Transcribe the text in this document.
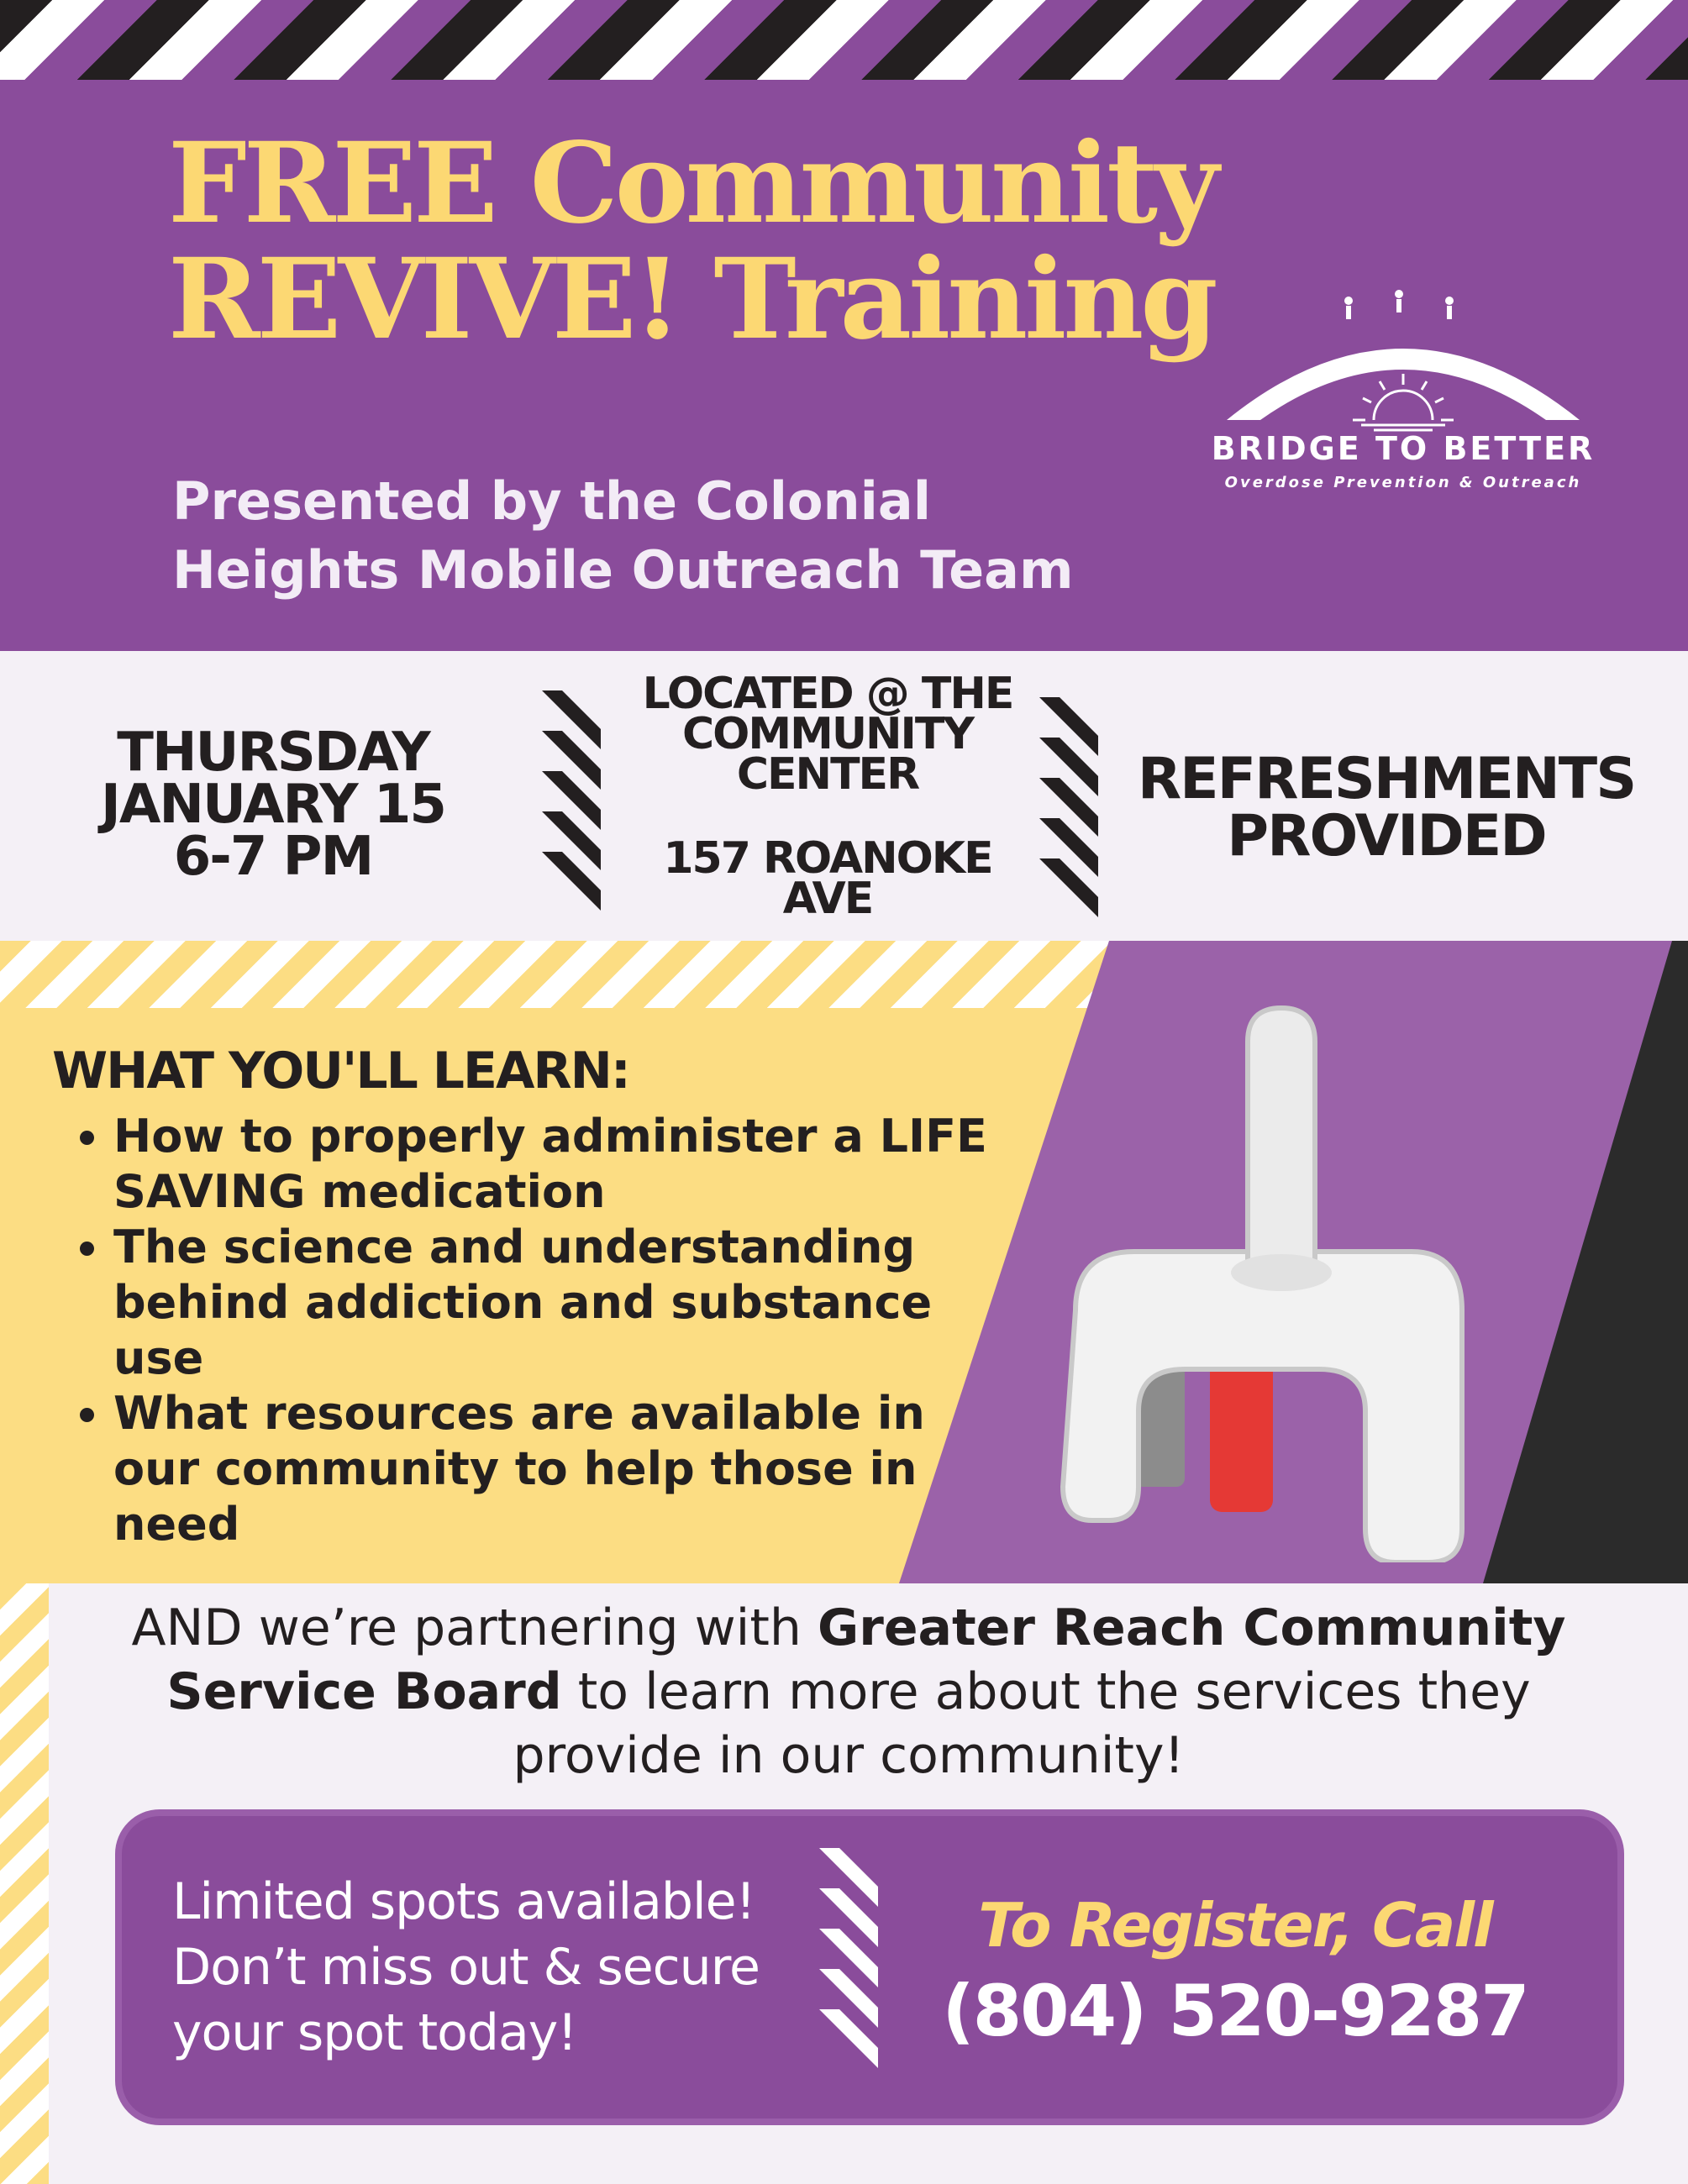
FREE Community
REVIVE! Training
Presented by the Colonial
Heights Mobile Outreach Team
BRIDGE TO BETTER
Overdose Prevention & Outreach
THURSDAY
JANUARY 15
6-7 PM
LOCATED @ THE
COMMUNITY
CENTER
157 ROANOKE
AVE
REFRESHMENTS
PROVIDED
WHAT YOU'LL LEARN:
• How to properly administer a LIFE SAVING medication
• The science and understanding behind addiction and substance use
• What resources are available in our community to help those in need
AND we’re partnering with Greater Reach Community Service Board to learn more about the services they provide in our community!
Limited spots available!
Don’t miss out & secure
your spot today!
To Register, Call
(804) 520-9287
